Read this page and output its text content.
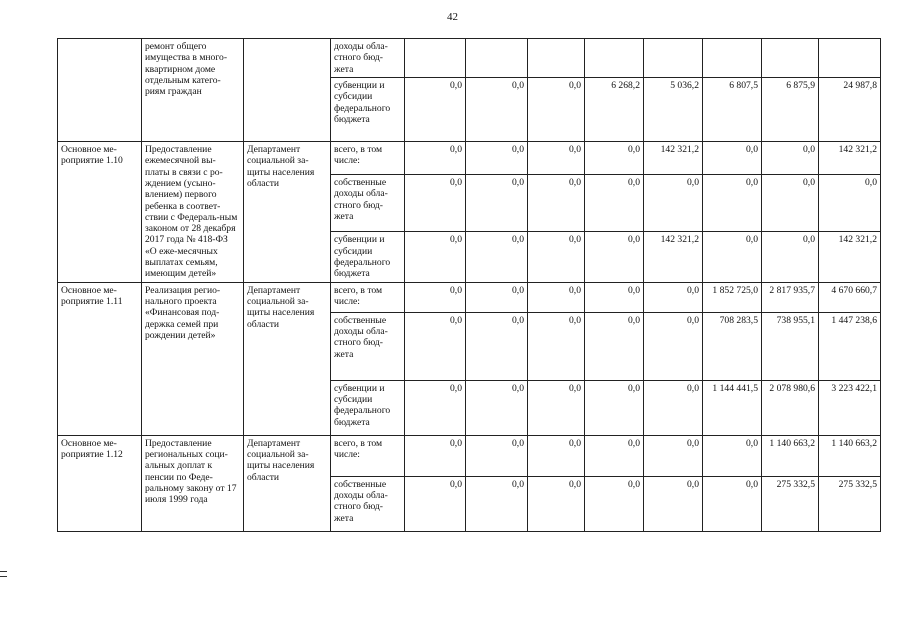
42
	ремонт общего имущества в много-квартирном доме отдельным катего-риям граждан		доходы обла-стного бюд-жета								
			субвенции и субсидии федерального бюджета	0,0	0,0	0,0	6 268,2	5 036,2	6 807,5	6 875,9	24 987,8
Основное ме-роприятие 1.10	Предоставление ежемесячной вы-платы в связи с ро-ждением (усыно-влением) первого ребенка в соответ-ствии с Федераль-ным законом от 28 декабря 2017 года № 418-ФЗ «О еже-месячных выплатах семьям, имеющим детей»	Департамент социальной за-щиты населения области	всего, в том числе:	0,0	0,0	0,0	0,0	142 321,2	0,0	0,0	142 321,2
			собственные доходы обла-стного бюд-жета	0,0	0,0	0,0	0,0	0,0	0,0	0,0	0,0
			субвенции и субсидии федерального бюджета	0,0	0,0	0,0	0,0	142 321,2	0,0	0,0	142 321,2
Основное ме-роприятие 1.11	Реализация регио-нального проекта «Финансовая под-держка семей при рождении детей»	Департамент социальной за-щиты населения области	всего, в том числе:	0,0	0,0	0,0	0,0	0,0	1 852 725,0	2 817 935,7	4 670 660,7
			собственные доходы обла-стного бюд-жета	0,0	0,0	0,0	0,0	0,0	708 283,5	738 955,1	1 447 238,6
			субвенции и субсидии федерального бюджета	0,0	0,0	0,0	0,0	0,0	1 144 441,5	2 078 980,6	3 223 422,1
Основное ме-роприятие 1.12	Предоставление региональных соци-альных доплат к пенсии по Феде-ральному закону от 17 июля 1999 года	Департамент социальной за-щиты населения области	всего, в том числе:	0,0	0,0	0,0	0,0	0,0	0,0	1 140 663,2	1 140 663,2
			собственные доходы обла-стного бюд-жета	0,0	0,0	0,0	0,0	0,0	0,0	275 332,5	275 332,5
